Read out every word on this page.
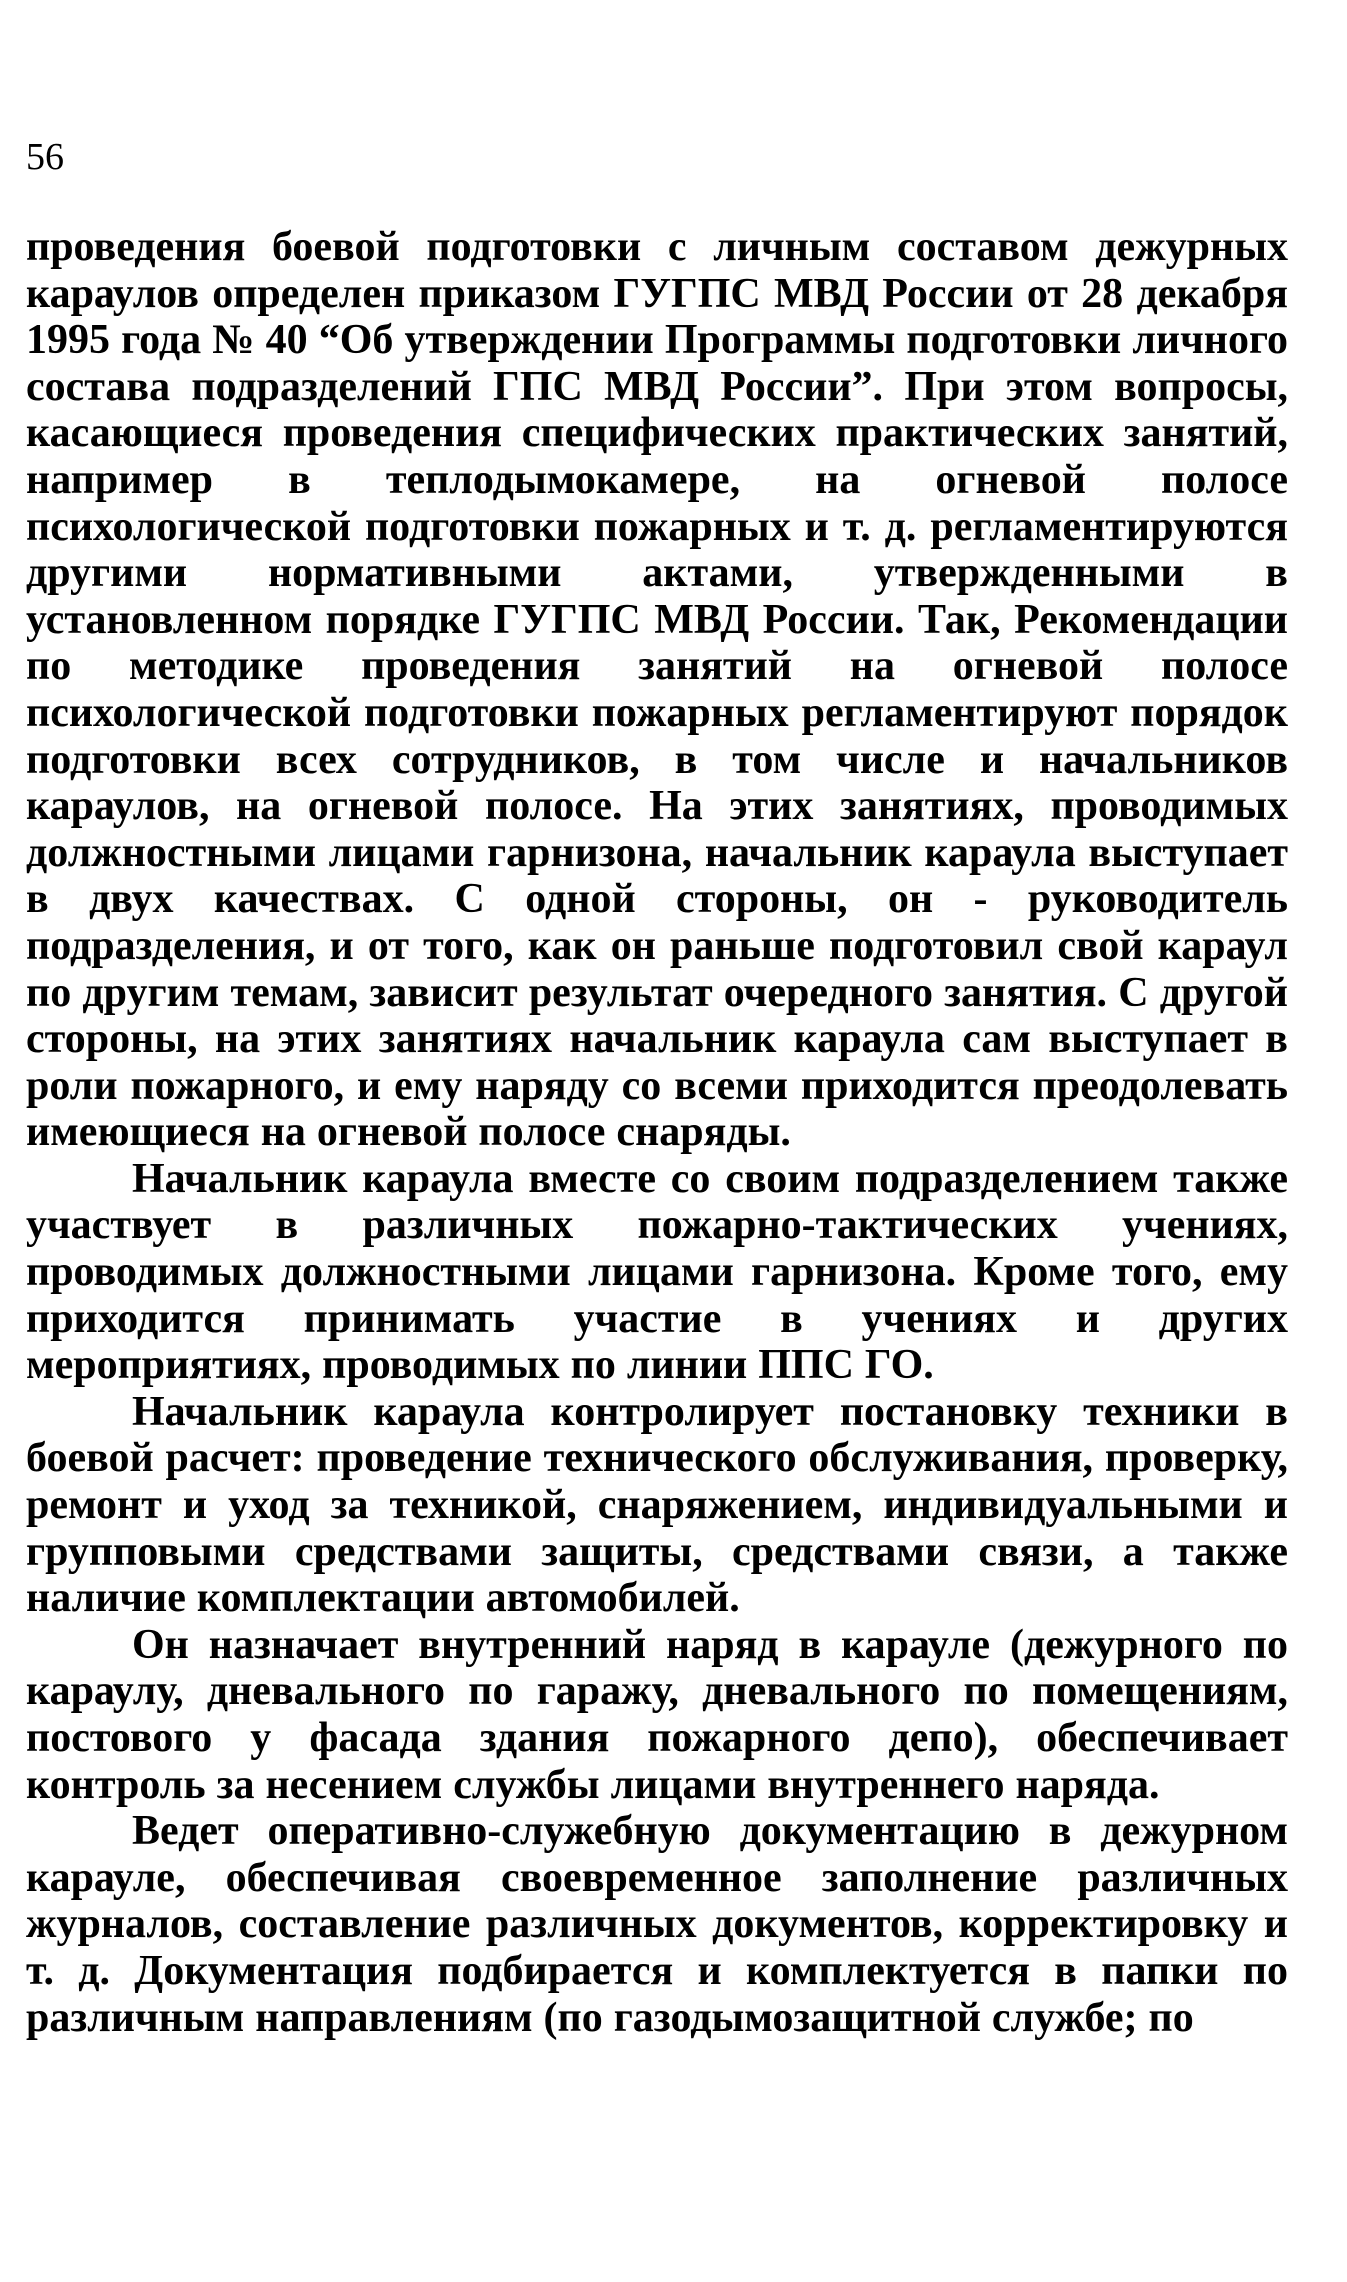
56

проведения боевой подготовки с личным составом дежурных караулов определен приказом ГУГПС МВД России от 28 декабря 1995 года № 40 “Об утверждении Программы подготовки личного состава подразделений ГПС МВД России”. При этом вопросы, касающиеся проведения специфических практических занятий, например в теплодымокамере, на огневой полосе психологической подготовки пожарных и т. д. регламентируются другими нормативными актами, утвержденными в установленном порядке ГУГПС МВД России. Так, Рекомендации по методике проведения занятий на огневой полосе психологической подготовки пожарных регламентируют порядок подготовки всех сотрудников, в том числе и начальников караулов, на огневой полосе. На этих занятиях, проводимых должностными лицами гарнизона, начальник караула выступает в двух качествах. С одной стороны, он - руководитель подразделения, и от того, как он раньше подготовил свой караул по другим темам, зависит результат очередного занятия. С другой стороны, на этих занятиях начальник караула сам выступает в роли пожарного, и ему наряду со всеми приходится преодолевать имеющиеся на огневой полосе снаряды.

Начальник караула вместе со своим подразделением также участвует в различных пожарно-тактических учениях, проводимых должностными лицами гарнизона. Кроме того, ему приходится принимать участие в учениях и других мероприятиях, проводимых по линии ППС ГО.

Начальник караула контролирует постановку техники в боевой расчет: проведение технического обслуживания, проверку, ремонт и уход за техникой, снаряжением, индивидуальными и групповыми средствами защиты, средствами связи, а также наличие комплектации автомобилей.

Он назначает внутренний наряд в карауле (дежурного по караулу, дневального по гаражу, дневального по помещениям, постового у фасада здания пожарного депо), обеспечивает контроль за несением службы лицами внутреннего наряда.

Ведет оперативно-служебную документацию в дежурном карауле, обеспечивая своевременное заполнение различных журналов, составление различных документов, корректировку и т. д. Документация подбирается и комплектуется в папки по различным направлениям (по газодымозащитной службе; по
